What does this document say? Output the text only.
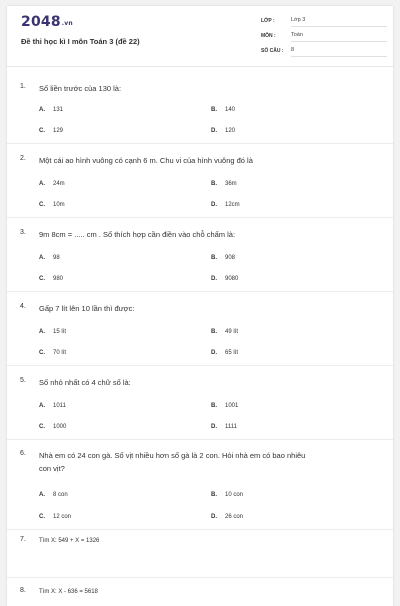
2048.vn
Đề thi học kì I môn Toán 3 (đề 22)
LỚP :	Lớp 3
MÔN :	Toán
SỐ CÂU : 8
1. Số liền trước của 130 là:
A. 131	B. 140
C. 129	D. 120
2. Một cái ao hình vuông có cạnh 6 m. Chu vi của hình vuông đó là
A. 24m	B. 36m
C. 10m	D. 12cm
3. 9m 8cm = ..... cm . Số thích hợp cần điền vào chỗ chấm là:
A. 98	B. 908
C. 980	D. 9080
4. Gấp 7 lít lên 10 lần thì được:
A. 15 lít	B. 49 lít
C. 70 lít	D. 65 lít
5. Số nhỏ nhất có 4 chữ số là:
A. 1011	B. 1001
C. 1000	D. 1111
6. Nhà em có 24 con gà. Số vịt nhiều hơn số gà là 2 con. Hỏi nhà em có bao nhiêu
con vịt?
A. 8 con	B. 10 con
C. 12 con	D. 26 con
7. Tìm X: 549 + X = 1326
8. Tìm X: X - 636 = 5618
